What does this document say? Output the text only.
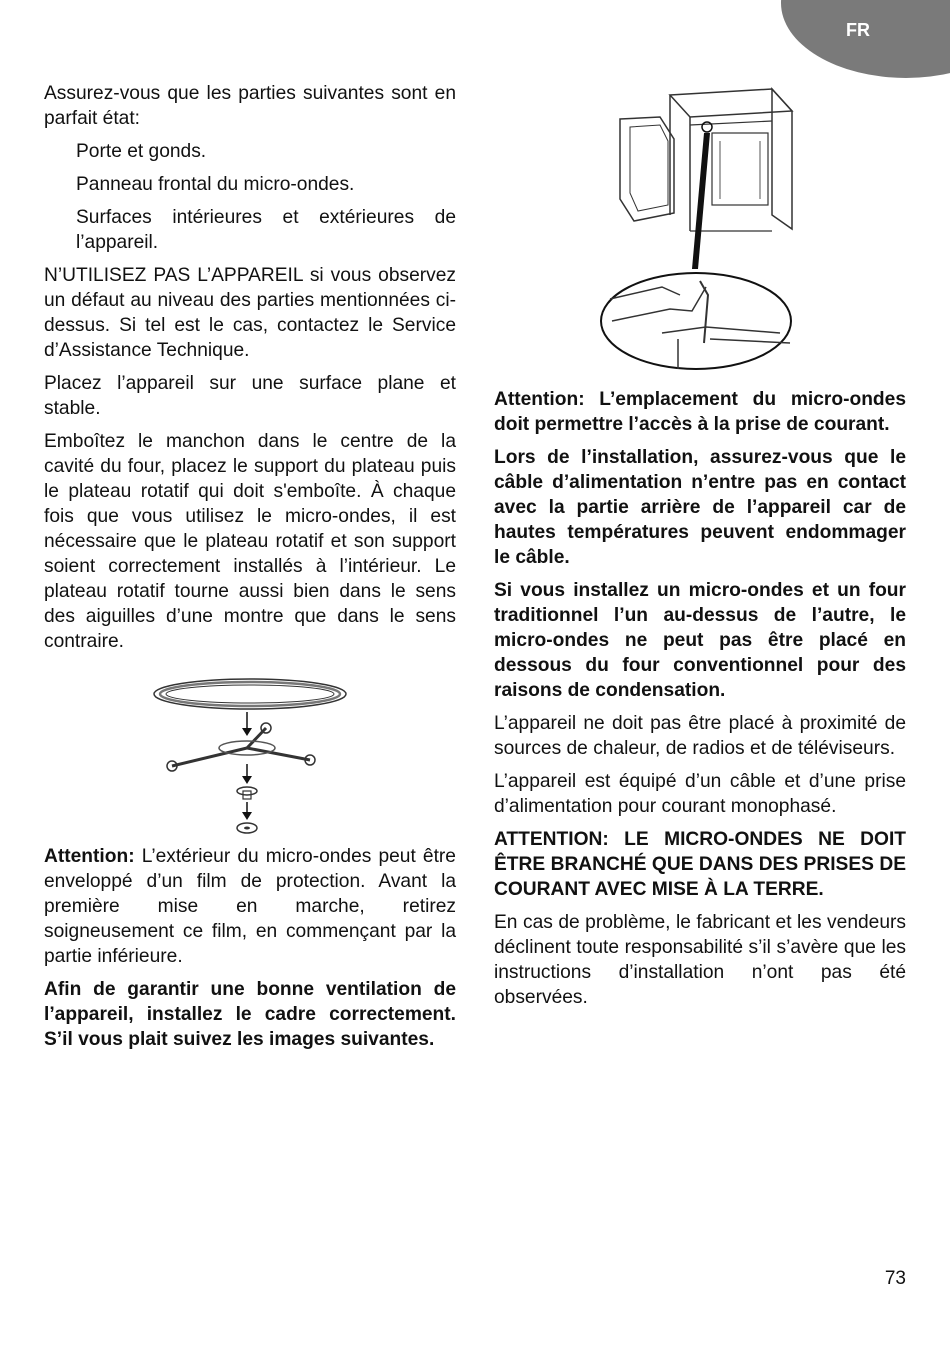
FR

Assurez-vous que les parties suivantes sont en parfait état:

Porte et gonds.

Panneau frontal du micro-ondes.

Surfaces intérieures et extérieures de l’appareil.

N’UTILISEZ PAS L’APPAREIL si vous observez un défaut au niveau des parties mentionnées ci-dessus. Si tel est le cas, contactez le Service d’Assistance Technique.

Placez l’appareil sur une surface plane et stable.

Emboîtez le manchon dans le centre de la cavité du four, placez le support du plateau puis le plateau rotatif qui doit s'emboîte. À chaque fois que vous utilisez le micro-ondes, il est nécessaire que le plateau rotatif et son support soient correctement installés à l’intérieur. Le plateau rotatif tourne aussi bien dans le sens des aiguilles d’une montre que dans le sens contraire.

Attention: L’extérieur du micro-ondes peut être enveloppé d’un film de protection. Avant la première mise en marche, retirez soigneusement ce film, en commençant par la partie inférieure.

Afin de garantir une bonne ventilation de l’appareil, installez le cadre correctement. S’il vous plait suivez les images suivantes.

Attention: L’emplacement du micro-ondes doit permettre l’accès à la prise de courant.

Lors de l’installation, assurez-vous que le câble d’alimentation n’entre pas en contact avec la partie arrière de l’appareil car de hautes températures peuvent endommager le câble.

Si vous installez un micro-ondes et un four traditionnel l’un au-dessus de l’autre, le micro-ondes ne peut pas être placé en dessous du four conventionnel pour des raisons de condensation.

L’appareil ne doit pas être placé à proximité de sources de chaleur, de radios et de téléviseurs.

L’appareil est équipé d’un câble et d’une prise d’alimentation pour courant monophasé.

ATTENTION: LE MICRO-ONDES NE DOIT ÊTRE BRANCHÉ QUE DANS DES PRISES DE COURANT AVEC MISE À LA TERRE.

En cas de problème, le fabricant et les vendeurs déclinent toute responsabilité s’il s’avère que les instructions d’installation n’ont pas été observées.

73
